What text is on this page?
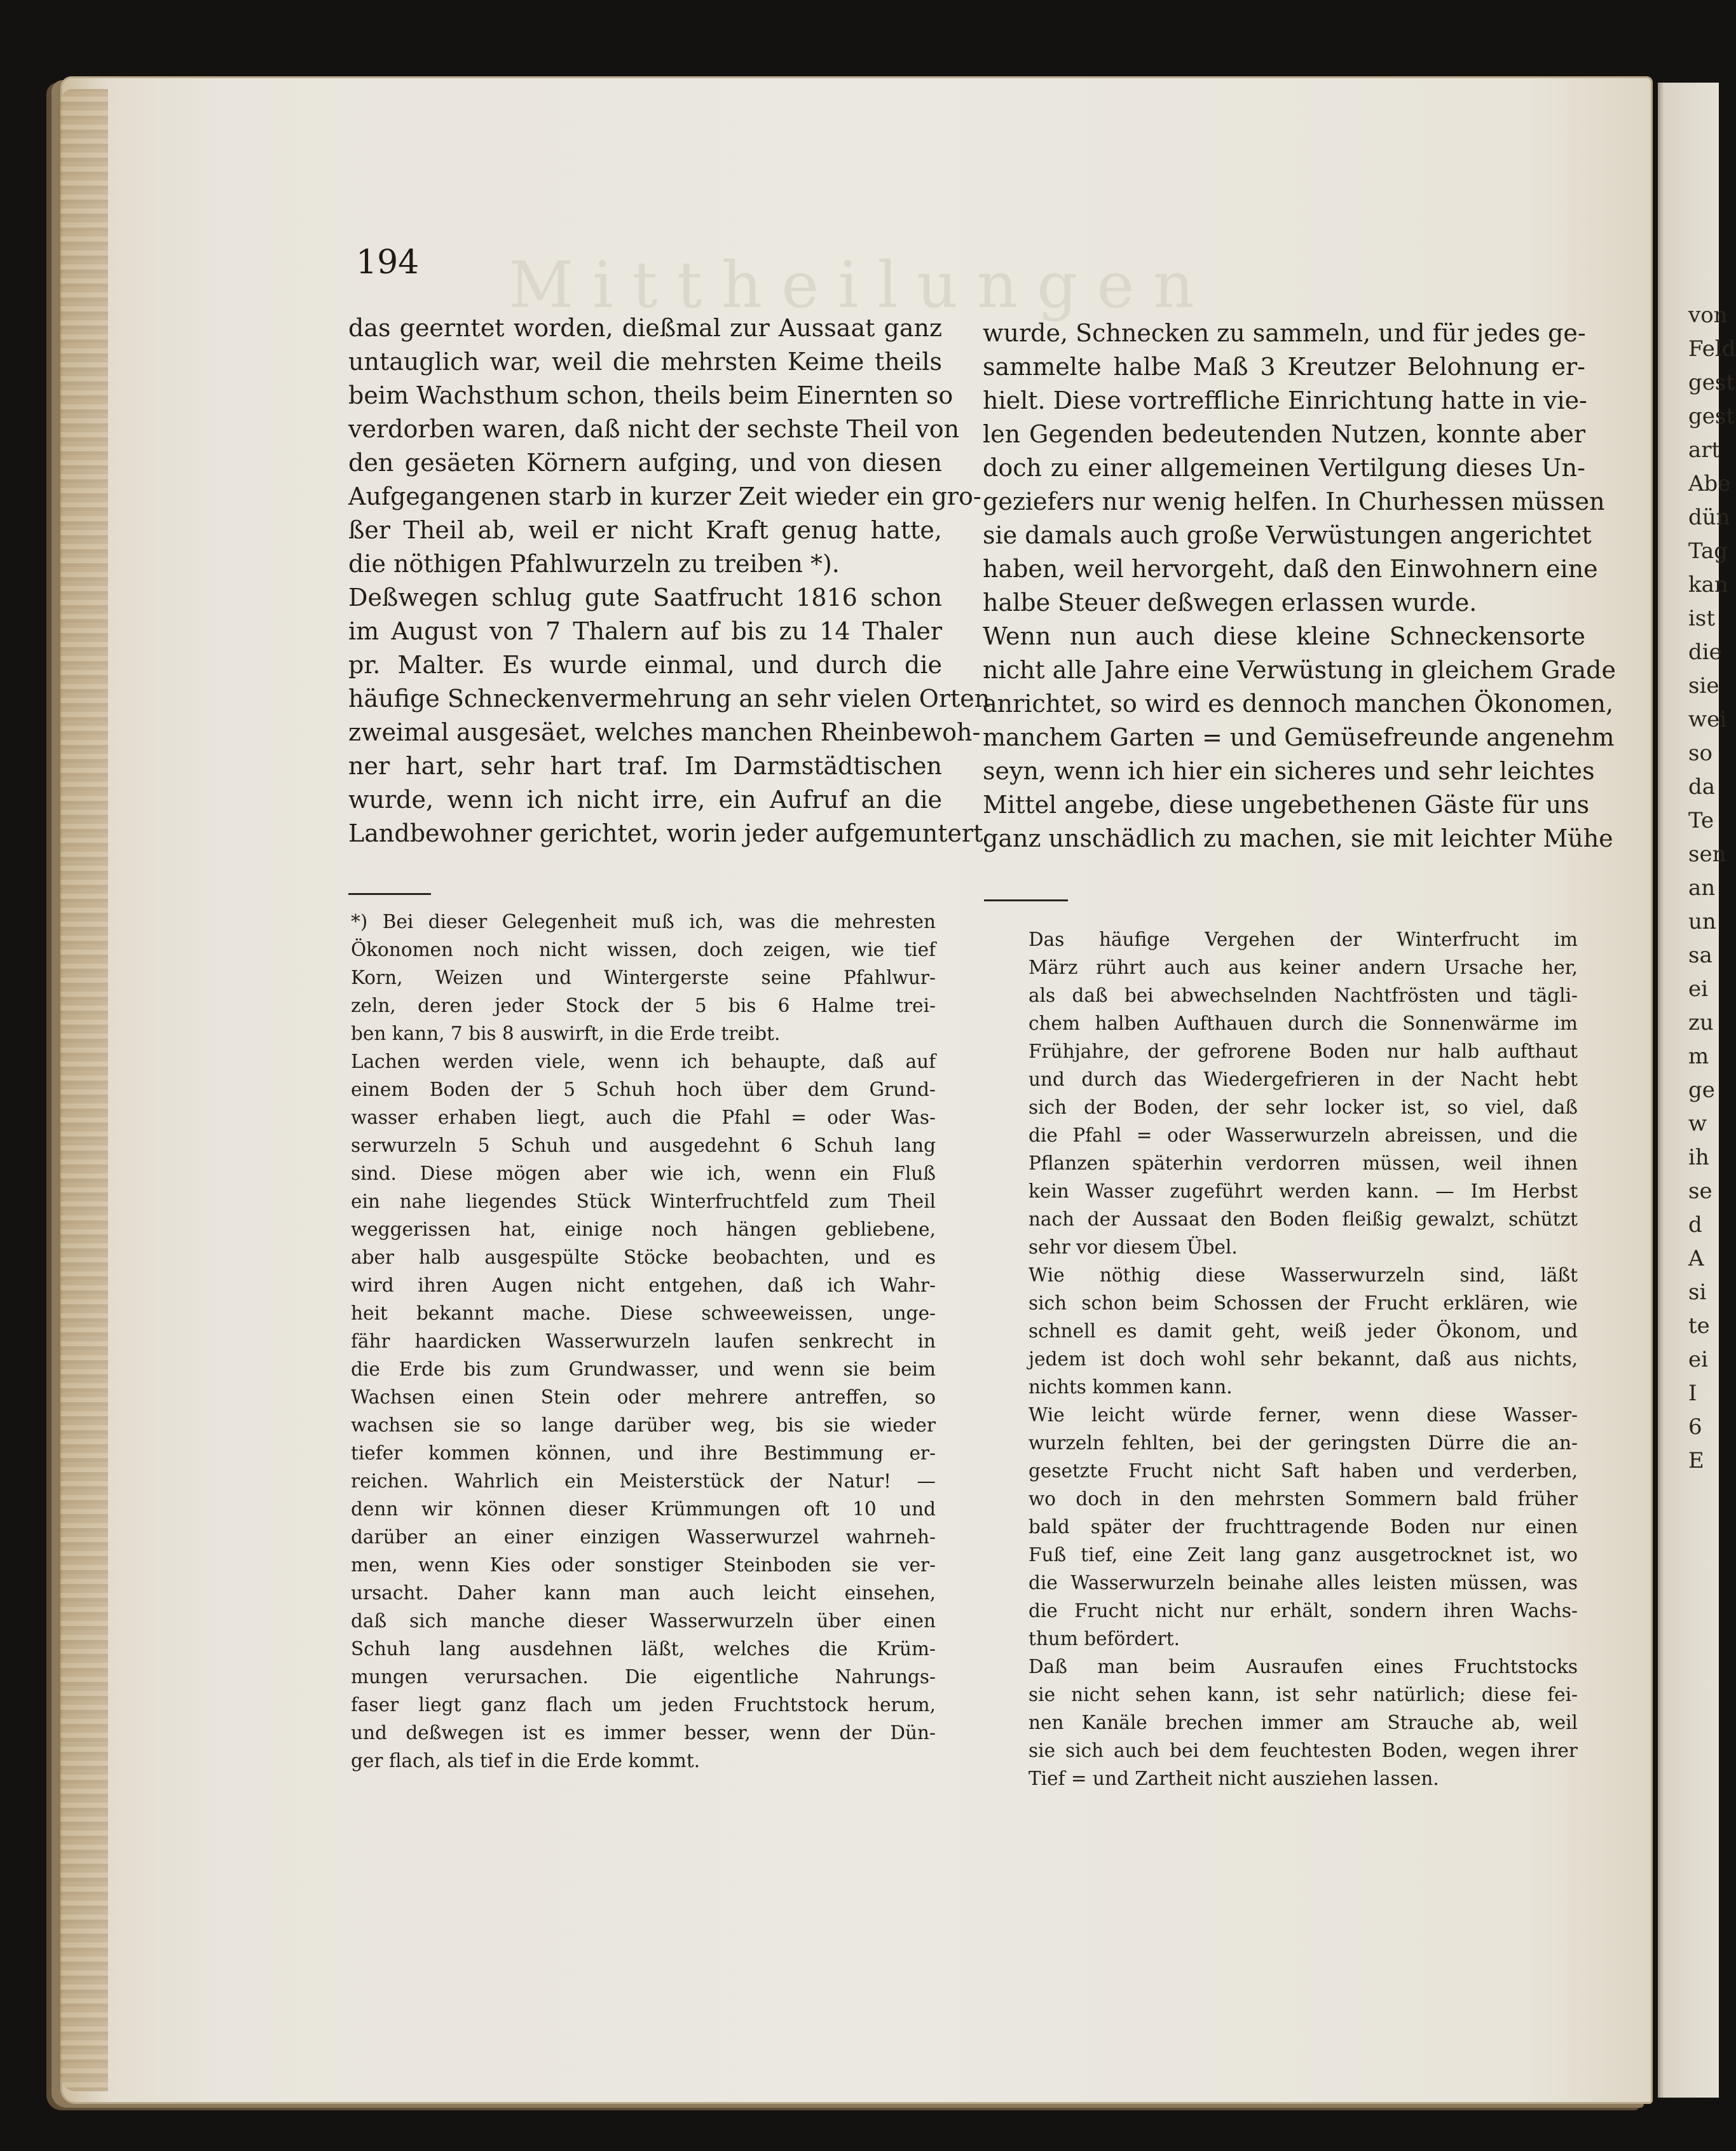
von
Feld
gest
gest
art
Abe
dün
Tag
kan
ist
die
sie
wei
so
da
Te
sen
an
un
sa
ei
zu
m
ge
w
ih
se
d
A
si
te
ei
I
6
E
Mittheilungen
194
das geerntet worden, dießmal zur Aussaat ganz
untauglich war, weil die mehrsten Keime theils
beim Wachsthum schon, theils beim Einernten so
verdorben waren, daß nicht der sechste Theil von
den gesäeten Körnern aufging, und von diesen
Aufgegangenen starb in kurzer Zeit wieder ein gro-
ßer Theil ab, weil er nicht Kraft genug hatte,
die nöthigen Pfahlwurzeln zu treiben *).
Deßwegen schlug gute Saatfrucht 1816 schon
im August von 7 Thalern auf bis zu 14 Thaler
pr. Malter. Es wurde einmal, und durch die
häufige Schneckenvermehrung an sehr vielen Orten
zweimal ausgesäet, welches manchen Rheinbewoh-
ner hart, sehr hart traf. Im Darmstädtischen
wurde, wenn ich nicht irre, ein Aufruf an die
Landbewohner gerichtet, worin jeder aufgemuntert
*) Bei dieser Gelegenheit muß ich, was die mehresten
Ökonomen noch nicht wissen, doch zeigen, wie tief
Korn, Weizen und Wintergerste seine Pfahlwur-
zeln, deren jeder Stock der 5 bis 6 Halme trei-
ben kann, 7 bis 8 auswirft, in die Erde treibt.
Lachen werden viele, wenn ich behaupte, daß auf
einem Boden der 5 Schuh hoch über dem Grund-
wasser erhaben liegt, auch die Pfahl = oder Was-
serwurzeln 5 Schuh und ausgedehnt 6 Schuh lang
sind. Diese mögen aber wie ich, wenn ein Fluß
ein nahe liegendes Stück Winterfruchtfeld zum Theil
weggerissen hat, einige noch hängen gebliebene,
aber halb ausgespülte Stöcke beobachten, und es
wird ihren Augen nicht entgehen, daß ich Wahr-
heit bekannt mache. Diese schweeweissen, unge-
fähr haardicken Wasserwurzeln laufen senkrecht in
die Erde bis zum Grundwasser, und wenn sie beim
Wachsen einen Stein oder mehrere antreffen, so
wachsen sie so lange darüber weg, bis sie wieder
tiefer kommen können, und ihre Bestimmung er-
reichen. Wahrlich ein Meisterstück der Natur! —
denn wir können dieser Krümmungen oft 10 und
darüber an einer einzigen Wasserwurzel wahrneh-
men, wenn Kies oder sonstiger Steinboden sie ver-
ursacht. Daher kann man auch leicht einsehen,
daß sich manche dieser Wasserwurzeln über einen
Schuh lang ausdehnen läßt, welches die Krüm-
mungen verursachen. Die eigentliche Nahrungs-
faser liegt ganz flach um jeden Fruchtstock herum,
und deßwegen ist es immer besser, wenn der Dün-
ger flach, als tief in die Erde kommt.
wurde, Schnecken zu sammeln, und für jedes ge-
sammelte halbe Maß 3 Kreutzer Belohnung er-
hielt. Diese vortreffliche Einrichtung hatte in vie-
len Gegenden bedeutenden Nutzen, konnte aber
doch zu einer allgemeinen Vertilgung dieses Un-
geziefers nur wenig helfen. In Churhessen müssen
sie damals auch große Verwüstungen angerichtet
haben, weil hervorgeht, daß den Einwohnern eine
halbe Steuer deßwegen erlassen wurde.
Wenn nun auch diese kleine Schneckensorte
nicht alle Jahre eine Verwüstung in gleichem Grade
anrichtet, so wird es dennoch manchen Ökonomen,
manchem Garten = und Gemüsefreunde angenehm
seyn, wenn ich hier ein sicheres und sehr leichtes
Mittel angebe, diese ungebethenen Gäste für uns
ganz unschädlich zu machen, sie mit leichter Mühe
Das häufige Vergehen der Winterfrucht im
März rührt auch aus keiner andern Ursache her,
als daß bei abwechselnden Nachtfrösten und tägli-
chem halben Aufthauen durch die Sonnenwärme im
Frühjahre, der gefrorene Boden nur halb aufthaut
und durch das Wiedergefrieren in der Nacht hebt
sich der Boden, der sehr locker ist, so viel, daß
die Pfahl = oder Wasserwurzeln abreissen, und die
Pflanzen späterhin verdorren müssen, weil ihnen
kein Wasser zugeführt werden kann. — Im Herbst
nach der Aussaat den Boden fleißig gewalzt, schützt
sehr vor diesem Übel.
Wie nöthig diese Wasserwurzeln sind, läßt
sich schon beim Schossen der Frucht erklären, wie
schnell es damit geht, weiß jeder Ökonom, und
jedem ist doch wohl sehr bekannt, daß aus nichts,
nichts kommen kann.
Wie leicht würde ferner, wenn diese Wasser-
wurzeln fehlten, bei der geringsten Dürre die an-
gesetzte Frucht nicht Saft haben und verderben,
wo doch in den mehrsten Sommern bald früher
bald später der fruchttragende Boden nur einen
Fuß tief, eine Zeit lang ganz ausgetrocknet ist, wo
die Wasserwurzeln beinahe alles leisten müssen, was
die Frucht nicht nur erhält, sondern ihren Wachs-
thum befördert.
Daß man beim Ausraufen eines Fruchtstocks
sie nicht sehen kann, ist sehr natürlich; diese fei-
nen Kanäle brechen immer am Strauche ab, weil
sie sich auch bei dem feuchtesten Boden, wegen ihrer
Tief = und Zartheit nicht ausziehen lassen.
